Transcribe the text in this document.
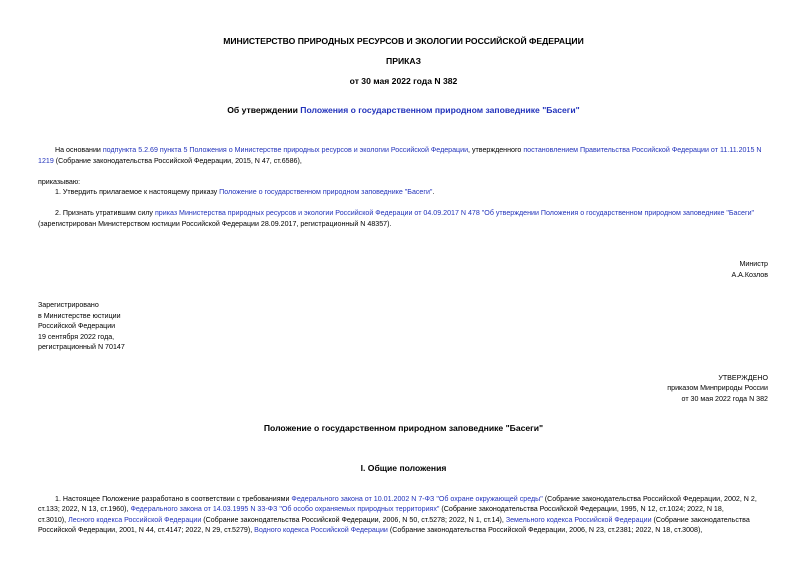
МИНИСТЕРСТВО ПРИРОДНЫХ РЕСУРСОВ И ЭКОЛОГИИ РОССИЙСКОЙ ФЕДЕРАЦИИ
ПРИКАЗ
от 30 мая 2022 года N 382
Об утверждении Положения о государственном природном заповеднике "Басеги"
На основании подпункта 5.2.69 пункта 5 Положения о Министерстве природных ресурсов и экологии Российской Федерации, утвержденного постановлением Правительства Российской Федерации от 11.11.2015 N
1219 (Собрание законодательства Российской Федерации, 2015, N 47, ст.6586),
приказываю:
1. Утвердить прилагаемое к настоящему приказу Положение о государственном природном заповеднике "Басеги".
2. Признать утратившим силу приказ Министерства природных ресурсов и экологии Российской Федерации от 04.09.2017 N 478 "Об утверждении Положения о государственном природном заповеднике "Басеги"
(зарегистрирован Министерством юстиции Российской Федерации 28.09.2017, регистрационный N 48357).
Министр
А.А.Козлов
Зарегистрировано
в Министерстве юстиции
Российской Федерации
19 сентября 2022 года,
регистрационный N 70147
УТВЕРЖДЕНО
приказом Минприроды России
от 30 мая 2022 года N 382
Положение о государственном природном заповеднике "Басеги"
I. Общие положения
1. Настоящее Положение разработано в соответствии с требованиями Федерального закона от 10.01.2002 N 7-ФЗ "Об охране окружающей среды" (Собрание законодательства Российской Федерации, 2002, N 2,
ст.133; 2022, N 13, ст.1960), Федерального закона от 14.03.1995 N 33-ФЗ "Об особо охраняемых природных территориях" (Собрание законодательства Российской Федерации, 1995, N 12, ст.1024; 2022, N 18,
ст.3010), Лесного кодекса Российской Федерации (Собрание законодательства Российской Федерации, 2006, N 50, ст.5278; 2022, N 1, ст.14), Земельного кодекса Российской Федерации (Собрание законодательства
Российской Федерации, 2001, N 44, ст.4147; 2022, N 29, ст.5279), Водного кодекса Российской Федерации (Собрание законодательства Российской Федерации, 2006, N 23, ст.2381; 2022, N 18, ст.3008),
